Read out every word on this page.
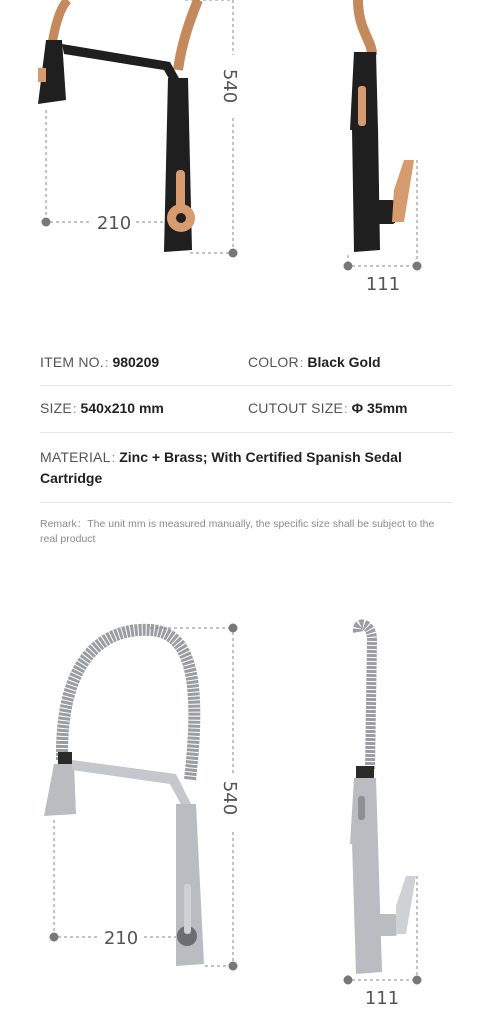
540
210
111
ITEM NO.: 980209	COLOR: Black Gold
SIZE: 540x210 mm	CUTOUT SIZE: Φ 35mm
MATERIAL: Zinc + Brass; With Certified Spanish Sedal Cartridge
Remark：The unit mm is measured manually, the specific size shall be subject to the real product
540
210
111
